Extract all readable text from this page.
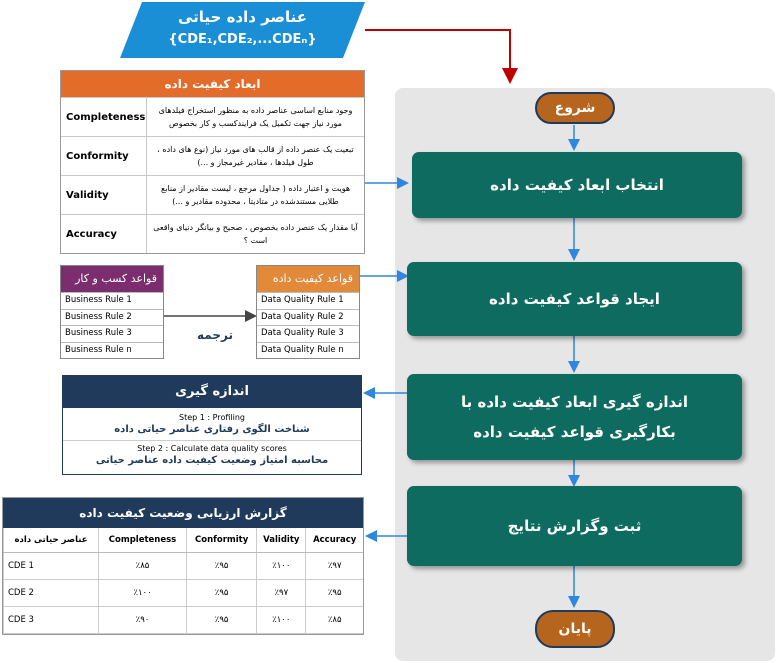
عناصر داده حیاتی
{CDE₁,CDE₂,...CDEₙ}
شروع
انتخاب ابعاد کیفیت داده
ایجاد قواعد کیفیت داده
اندازه گیری ابعاد کیفیت داده با
بکارگیری قواعد کیفیت داده
ثبت وگزارش نتایج
پایان
ابعاد کیفیت داده
Completeness
وجود منابع اساسی عناصر داده به منظور استخراج فیلدهای مورد نیاز جهت تکمیل یک فرایندکسب و کار بخصوص
Conformity
تبعیت یک عنصر داده از قالب های مورد نیاز (نوع های داده ، طول فیلدها ، مقادیر غیرمجاز و ...)
Validity
هویت و اعتبار داده ( جداول مرجع ، لیست مقادیر از منابع طلایی مستندشده در متادیتا ، محدوده مقادیر و ...)
Accuracy
آیا مقدار یک عنصر داده بخصوص ، صحیح و بیانگر دنیای واقعی است ؟
قواعد کسب و کار
Business Rule 1
Business Rule 2
Business Rule 3
Business Rule n
ترجمه
قواعد کیفیت داده
Data Quality Rule 1
Data Quality Rule 2
Data Quality Rule 3
Data Quality Rule n
اندازه گیری
Step 1 : Profiling
شناخت الگوی رفتاری عناصر حیاتی داده
Step 2 : Calculate data quality scores
محاسبه امتیاز وضعیت کیفیت داده عناصر حیاتی
گزارش ارزیابی وضعیت کیفیت داده
عناصر حیاتی داده	Completeness	Conformity	Validity	Accuracy
CDE 1	٪۸۵	٪۹۵	٪۱۰۰	٪۹۷
CDE 2	٪۱۰۰	٪۹۵	٪۹۷	٪۹۵
CDE 3	٪۹۰	٪۹۵	٪۱۰۰	٪۸۵
